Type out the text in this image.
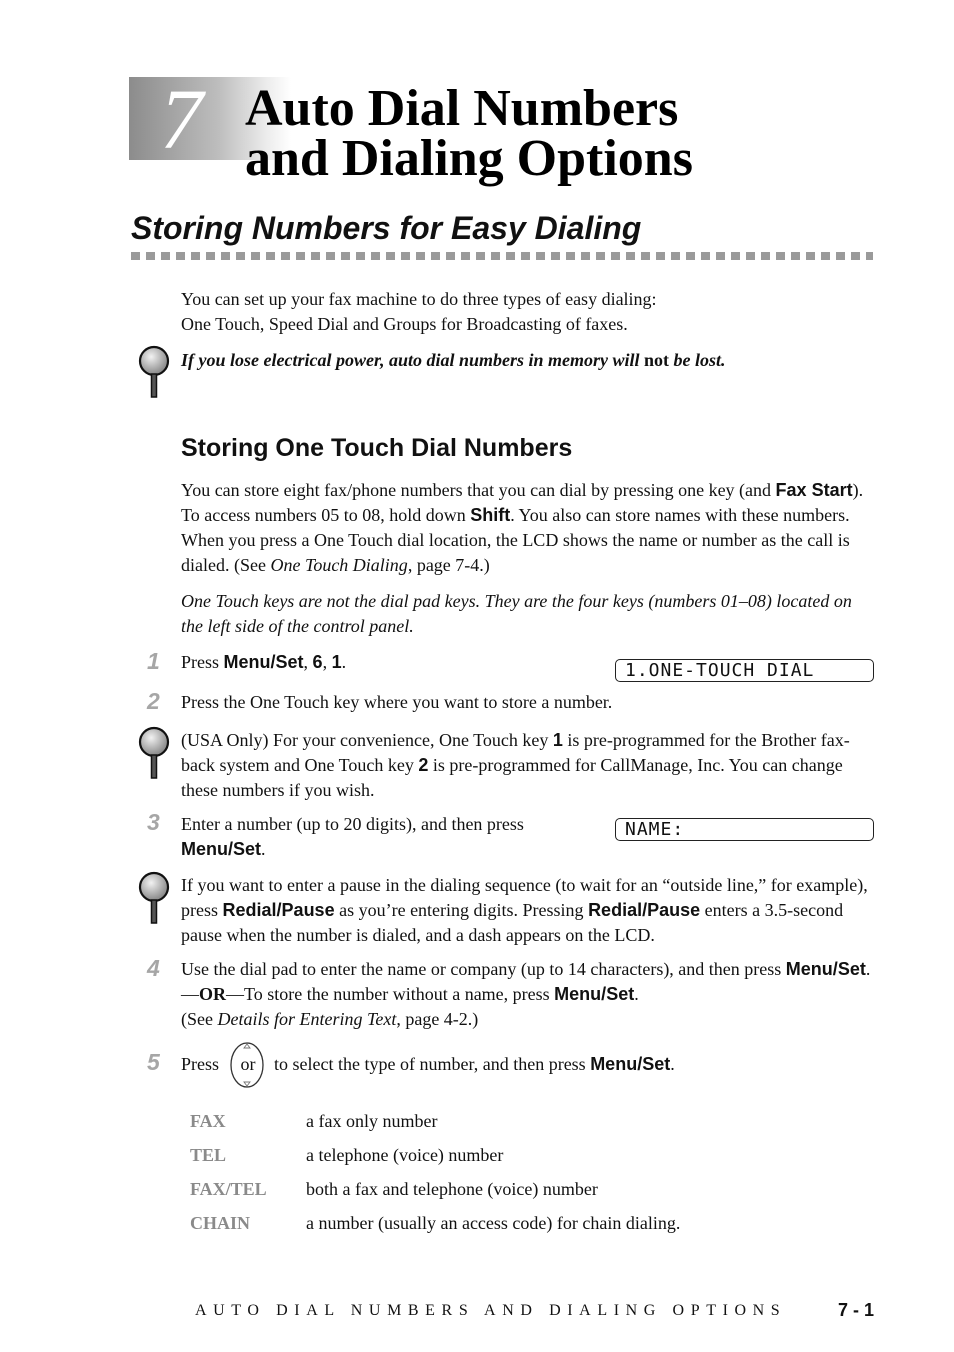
7 Auto Dial Numbers
and Dialing Options
Storing Numbers for Easy Dialing
You can set up your fax machine to do three types of easy dialing:
One Touch, Speed Dial and Groups for Broadcasting of faxes.
If you lose electrical power, auto dial numbers in memory will not be lost.
Storing One Touch Dial Numbers
You can store eight fax/phone numbers that you can dial by pressing one key (and Fax Start). To access numbers 05 to 08, hold down Shift. You also can store names with these numbers. When you press a One Touch dial location, the LCD shows the name or number as the call is dialed. (See One Touch Dialing, page 7-4.)
One Touch keys are not the dial pad keys. They are the four keys (numbers 01–08) located on the left side of the control panel.
1	Press Menu/Set, 6, 1.	1.ONE-TOUCH DIAL
2	Press the One Touch key where you want to store a number.
(USA Only) For your convenience, One Touch key 1 is pre-programmed for the Brother fax-back system and One Touch key 2 is pre-programmed for CallManage, Inc. You can change these numbers if you wish.
3	Enter a number (up to 20 digits), and then press
Menu/Set.
NAME:
If you want to enter a pause in the dialing sequence (to wait for an “outside line,” for example), press Redial/Pause as you’re entering digits. Pressing Redial/Pause enters a 3.5-second pause when the number is dialed, and a dash appears on the LCD.
4	Use the dial pad to enter the name or company (up to 14 characters), and then press Menu/Set. —OR—To store the number without a name, press Menu/Set.
(See Details for Entering Text, page 4-2.)
5	Press	or to select the type of number, and then press Menu/Set.
FAX	a fax only number
TEL	a telephone (voice) number
FAX/TEL both a fax and telephone (voice) number
CHAIN	a number (usually an access code) for chain dialing.
AUTO DIAL NUMBERS AND DIALING OPTIONS	7 - 1
